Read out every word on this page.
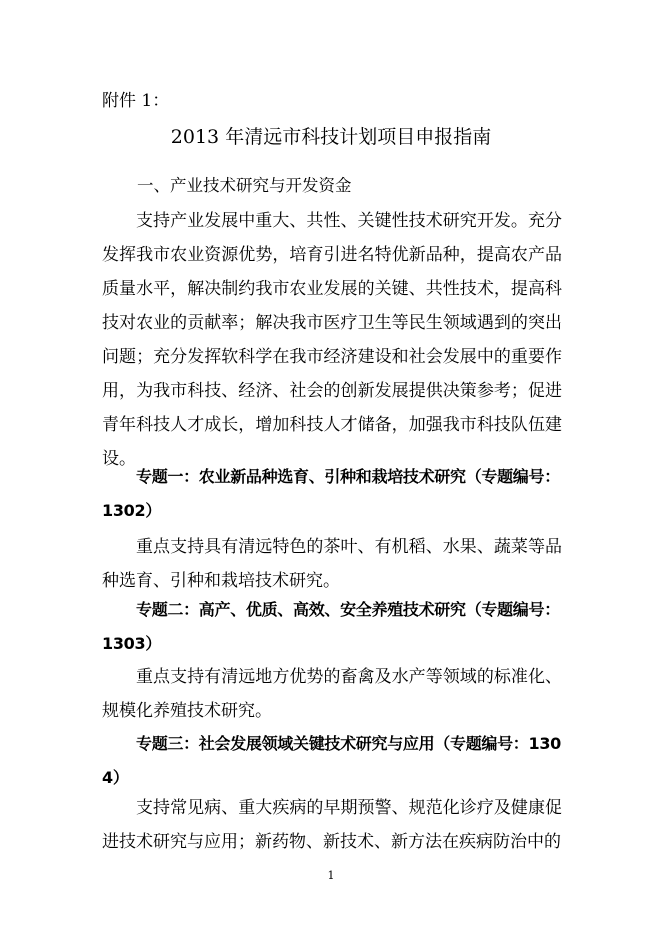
附件 1：
2013 年清远市科技计划项目申报指南
一、产业技术研究与开发资金
支持产业发展中重大、共性、关键性技术研究开发。充分发挥我市农业资源优势，培育引进名特优新品种，提高农产品质量水平，解决制约我市农业发展的关键、共性技术，提高科技对农业的贡献率；解决我市医疗卫生等民生领域遇到的突出问题；充分发挥软科学在我市经济建设和社会发展中的重要作用，为我市科技、经济、社会的创新发展提供决策参考；促进青年科技人才成长，增加科技人才储备，加强我市科技队伍建设。
专题一：农业新品种选育、引种和栽培技术研究（专题编号：1302）
重点支持具有清远特色的茶叶、有机稻、水果、蔬菜等品种选育、引种和栽培技术研究。
专题二：高产、优质、高效、安全养殖技术研究（专题编号：1303）
重点支持有清远地方优势的畜禽及水产等领域的标准化、规模化养殖技术研究。
专题三：社会发展领域关键技术研究与应用（专题编号：1304）
支持常见病、重大疾病的早期预警、规范化诊疗及健康促进技术研究与应用；新药物、新技术、新方法在疾病防治中的
1
